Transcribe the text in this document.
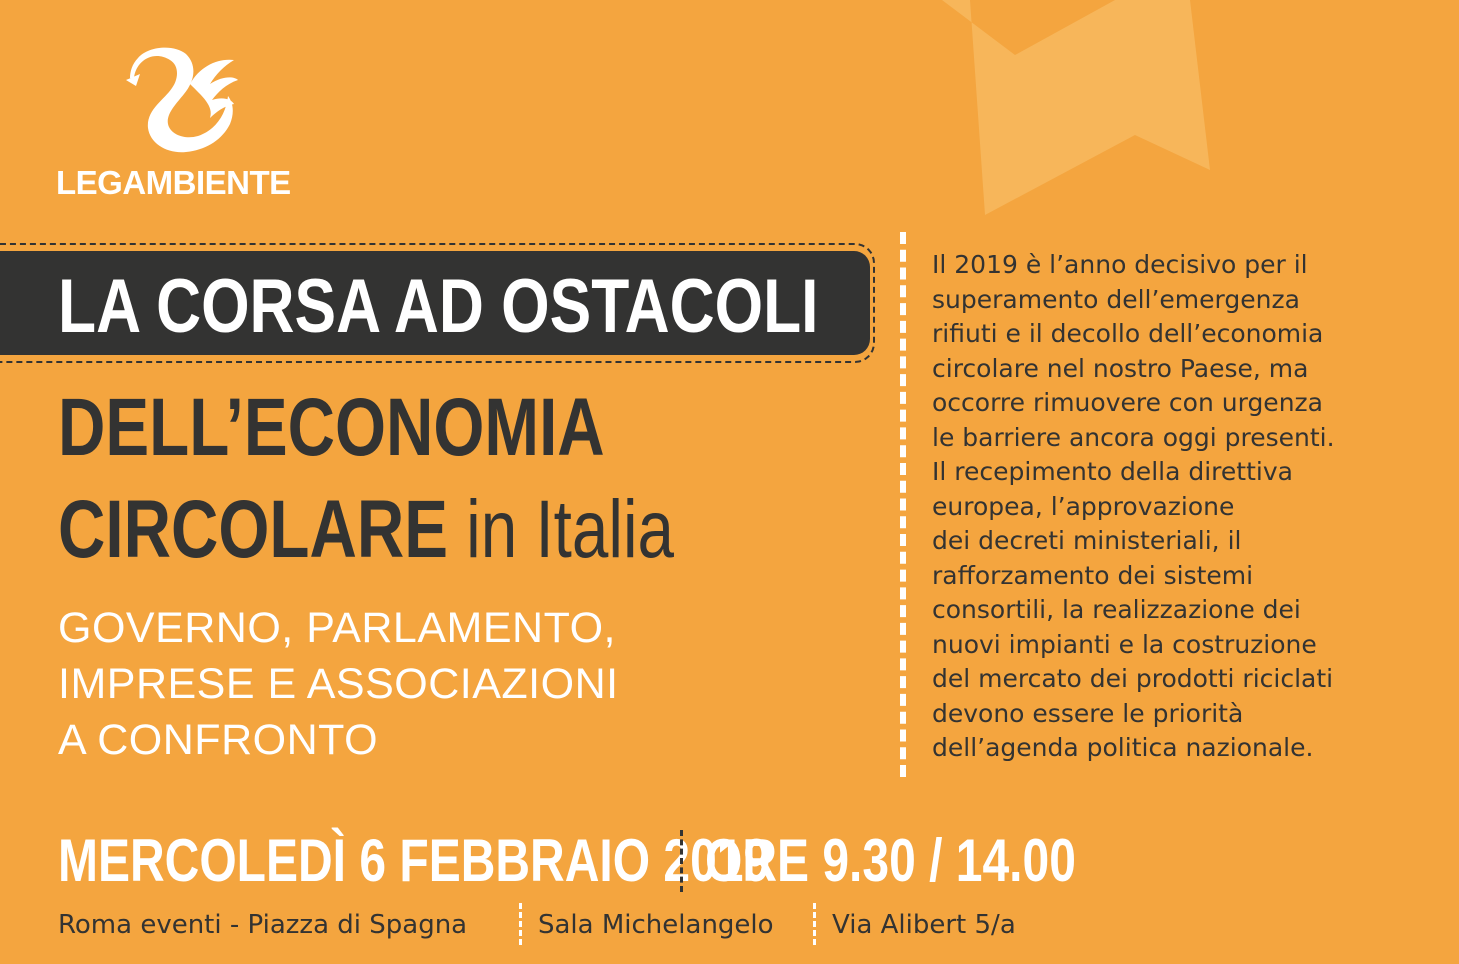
LEGAMBIENTE
LA CORSA AD OSTACOLI
DELL’ECONOMIA
CIRCOLARE in Italia
GOVERNO, PARLAMENTO,
IMPRESE E ASSOCIAZIONI
A CONFRONTO
Il 2019 è l’anno decisivo per il
superamento dell’emergenza
rifiuti e il decollo dell’economia
circolare nel nostro Paese, ma
occorre rimuovere con urgenza
le barriere ancora oggi presenti.
Il recepimento della direttiva
europea, l’approvazione
dei decreti ministeriali, il
rafforzamento dei sistemi
consortili, la realizzazione dei
nuovi impianti e la costruzione
del mercato dei prodotti riciclati
devono essere le priorità
dell’agenda politica nazionale.
MERCOLEDÌ 6 FEBBRAIO 2019
ORE 9.30 / 14.00
Roma eventi - Piazza di Spagna	Sala Michelangelo Via Alibert 5/a
